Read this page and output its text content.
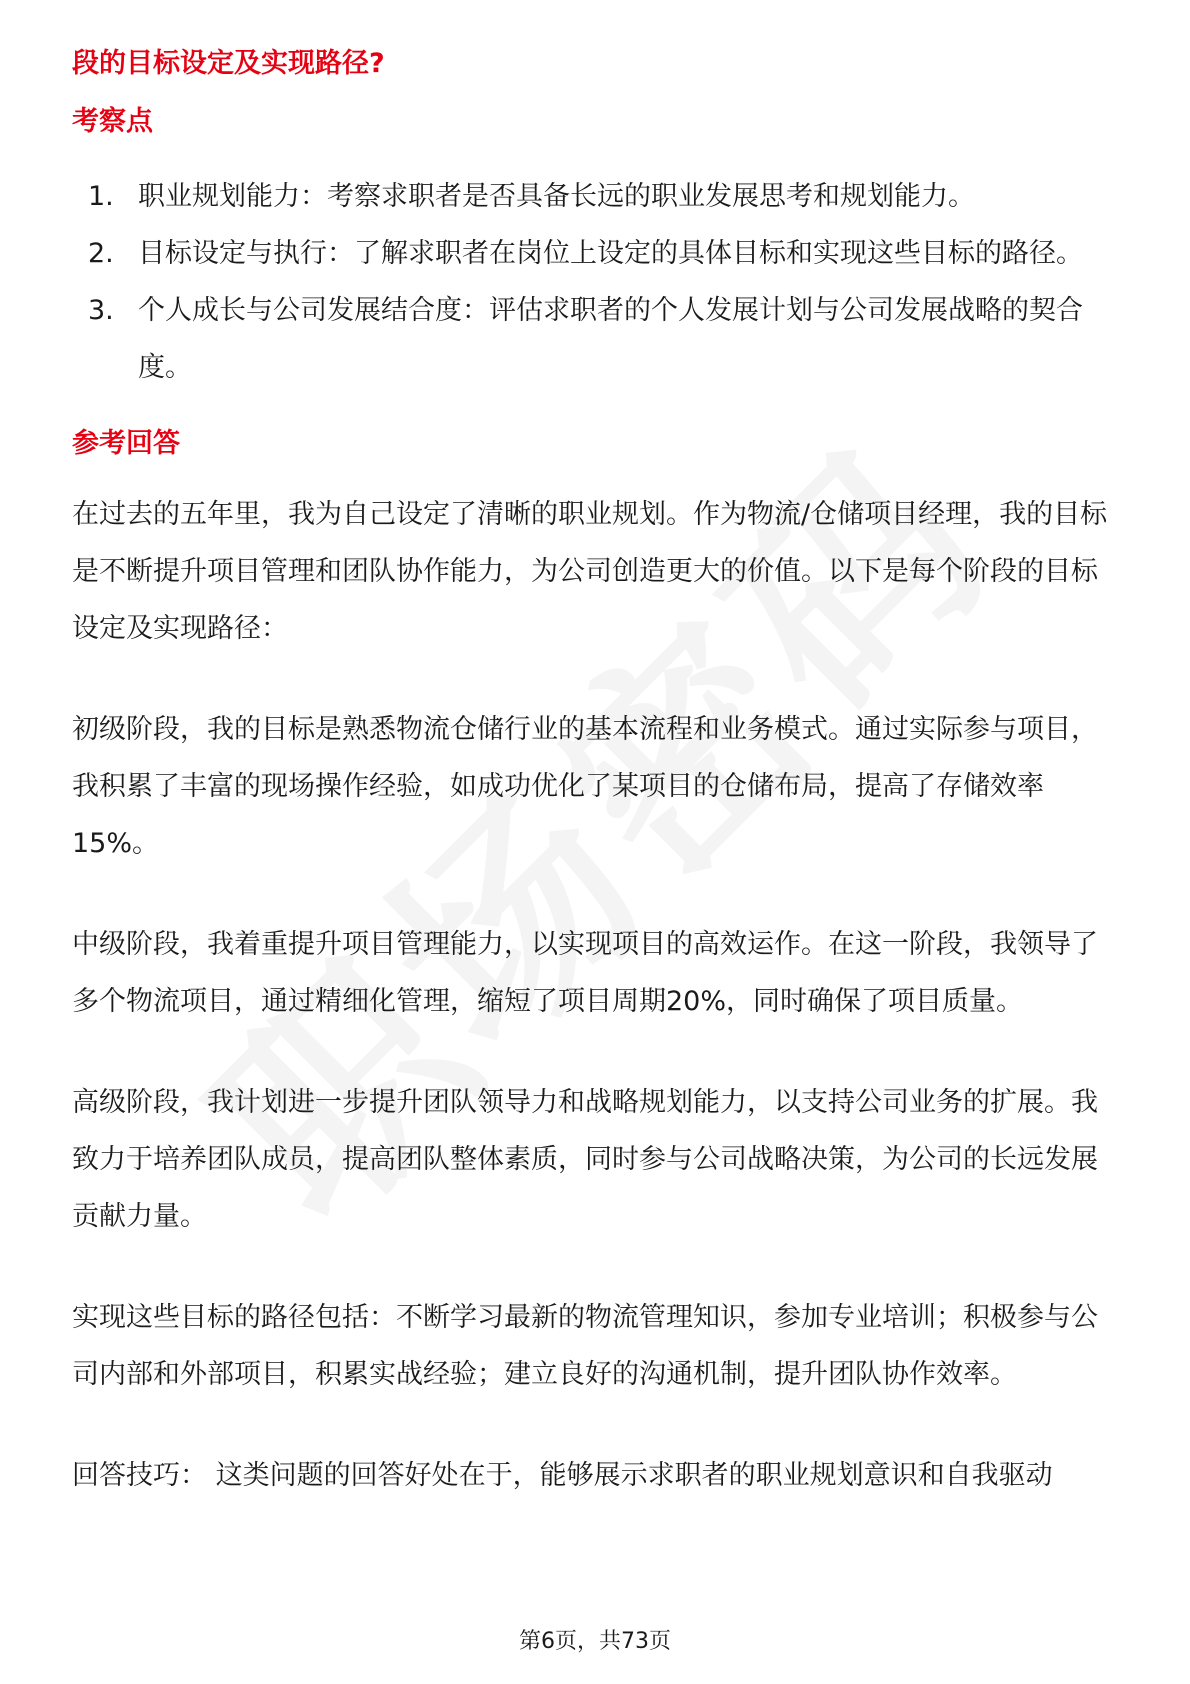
段的目标设定及实现路径?

考察点

1. 职业规划能力：考察求职者是否具备长远的职业发展思考和规划能力。
2. 目标设定与执行：了解求职者在岗位上设定的具体目标和实现这些目标的路径。
3. 个人成长与公司发展结合度：评估求职者的个人发展计划与公司发展战略的契合度。

参考回答

在过去的五年里，我为自己设定了清晰的职业规划。作为物流/仓储项目经理，我的目标是不断提升项目管理和团队协作能力，为公司创造更大的价值。以下是每个阶段的目标设定及实现路径：

初级阶段，我的目标是熟悉物流仓储行业的基本流程和业务模式。通过实际参与项目，我积累了丰富的现场操作经验，如成功优化了某项目的仓储布局，提高了存储效率15%。

中级阶段，我着重提升项目管理能力，以实现项目的高效运作。在这一阶段，我领导了多个物流项目，通过精细化管理，缩短了项目周期20%，同时确保了项目质量。

高级阶段，我计划进一步提升团队领导力和战略规划能力，以支持公司业务的扩展。我致力于培养团队成员，提高团队整体素质，同时参与公司战略决策，为公司的长远发展贡献力量。

实现这些目标的路径包括：不断学习最新的物流管理知识，参加专业培训；积极参与公司内部和外部项目，积累实战经验；建立良好的沟通机制，提升团队协作效率。

回答技巧： 这类问题的回答好处在于，能够展示求职者的职业规划意识和自我驱动

第6页，共73页
